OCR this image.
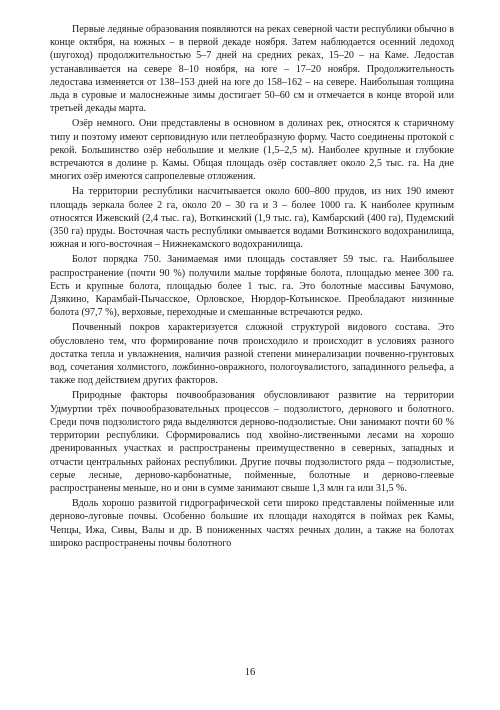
Первые ледяные образования появляются на реках северной части республики обычно в конце октября, на южных – в первой декаде ноября. Затем наблюдается осенний ледоход (шугоход) продолжительностью 5–7 дней на средних реках, 15–20 – на Каме. Ледостав устанавливается на севере 8–10 ноября, на юге – 17–20 ноября. Продолжительность ледостава изменяется от 138–153 дней на юге до 158–162 – на севере. Наибольшая толщина льда в суровые и малоснежные зимы достигает 50–60 см и отмечается в конце второй или третьей декады марта.

Озёр немного. Они представлены в основном в долинах рек, относятся к старичному типу и поэтому имеют серповидную или петлеобразную форму. Часто соединены протокой с рекой. Большинство озёр небольшие и мелкие (1,5–2,5 м). Наиболее крупные и глубокие встречаются в долине р. Камы. Общая площадь озёр составляет около 2,5 тыс. га. На дне многих озёр имеются сапропелевые отложения.

На территории республики насчитывается около 600–800 прудов, из них 190 имеют площадь зеркала более 2 га, около 20 – 30 га и 3 – более 1000 га. К наиболее крупным относятся Ижевский (2,4 тыс. га), Воткинский (1,9 тыс. га), Камбарский (400 га), Пудемский (350 га) пруды. Восточная часть республики омывается водами Воткинского водохранилища, южная и юго-восточная – Нижнекамского водохранилища.

Болот порядка 750. Занимаемая ими площадь составляет 59 тыс. га. Наибольшее распространение (почти 90 %) получили малые торфяные болота, площадью менее 300 га. Есть и крупные болота, площадью более 1 тыс. га. Это болотные массивы Бачумово, Дзякино, Карамбай-Пычасское, Орловское, Нюрдор-Котьинское. Преобладают низинные болота (97,7 %), верховые, переходные и смешанные встречаются редко.

Почвенный покров характеризуется сложной структурой видового состава. Это обусловлено тем, что формирование почв происходило и происходит в условиях разного достатка тепла и увлажнения, наличия разной степени минерализации почвенно-грунтовых вод, сочетания холмистого, ложбинно-овражного, пологоувалистого, западинного рельефа, а также под действием других факторов.

Природные факторы почвообразования обусловливают развитие на территории Удмуртии трёх почвообразовательных процессов – подзолистого, дернового и болотного. Среди почв подзолистого ряда выделяются дерново-подзолистые. Они занимают почти 60 % территории республики. Сформировались под хвойно-лиственными лесами на хорошо дренированных участках и распространены преимущественно в северных, западных и отчасти центральных районах республики. Другие почвы подзолистого ряда – подзолистые, серые лесные, дерново-карбонатные, пойменные, болотные и дерново-глеевые распространены меньше, но и они в сумме занимают свыше 1,3 млн га или 31,5 %.

Вдоль хорошо развитой гидрографической сети широко представлены пойменные или дерново-луговые почвы. Особенно большие их площади находятся в поймах рек Камы, Чепцы, Ижа, Сивы, Валы и др. В пониженных частях речных долин, а также на болотах широко распространены почвы болотного

16
